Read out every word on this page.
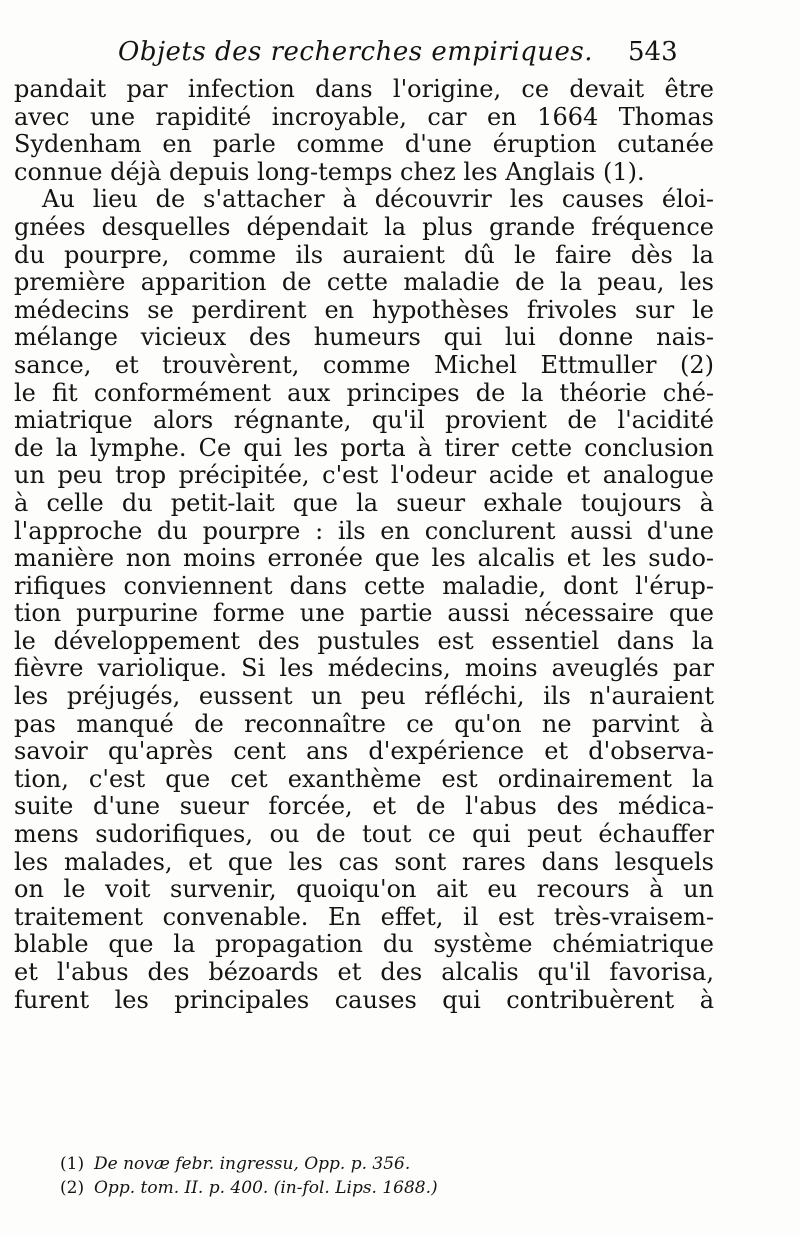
Objets des recherches empiriques. 543
pandait par infection dans l'origine, ce devait être
avec une rapidité incroyable, car en 1664 Thomas
Sydenham en parle comme d'une éruption cutanée
connue déjà depuis long-temps chez les Anglais (1).
Au lieu de s'attacher à découvrir les causes éloi-
gnées desquelles dépendait la plus grande fréquence
du pourpre, comme ils auraient dû le faire dès la
première apparition de cette maladie de la peau, les
médecins se perdirent en hypothèses frivoles sur le
mélange vicieux des humeurs qui lui donne nais-
sance, et trouvèrent, comme Michel Ettmuller (2)
le fit conformément aux principes de la théorie ché-
miatrique alors régnante, qu'il provient de l'acidité
de la lymphe. Ce qui les porta à tirer cette conclusion
un peu trop précipitée, c'est l'odeur acide et analogue
à celle du petit-lait que la sueur exhale toujours à
l'approche du pourpre : ils en conclurent aussi d'une
manière non moins erronée que les alcalis et les sudo-
rifiques conviennent dans cette maladie, dont l'érup-
tion purpurine forme une partie aussi nécessaire que
le développement des pustules est essentiel dans la
fièvre variolique. Si les médecins, moins aveuglés par
les préjugés, eussent un peu réfléchi, ils n'auraient
pas manqué de reconnaître ce qu'on ne parvint à
savoir qu'après cent ans d'expérience et d'observa-
tion, c'est que cet exanthème est ordinairement la
suite d'une sueur forcée, et de l'abus des médica-
mens sudorifiques, ou de tout ce qui peut échauffer
les malades, et que les cas sont rares dans lesquels
on le voit survenir, quoiqu'on ait eu recours à un
traitement convenable. En effet, il est très-vraisem-
blable que la propagation du système chémiatrique
et l'abus des bézoards et des alcalis qu'il favorisa,
furent les principales causes qui contribuèrent à
(1) De novæ febr. ingressu, Opp. p. 356.
(2) Opp. tom. II. p. 400. (in-fol. Lips. 1688.)
